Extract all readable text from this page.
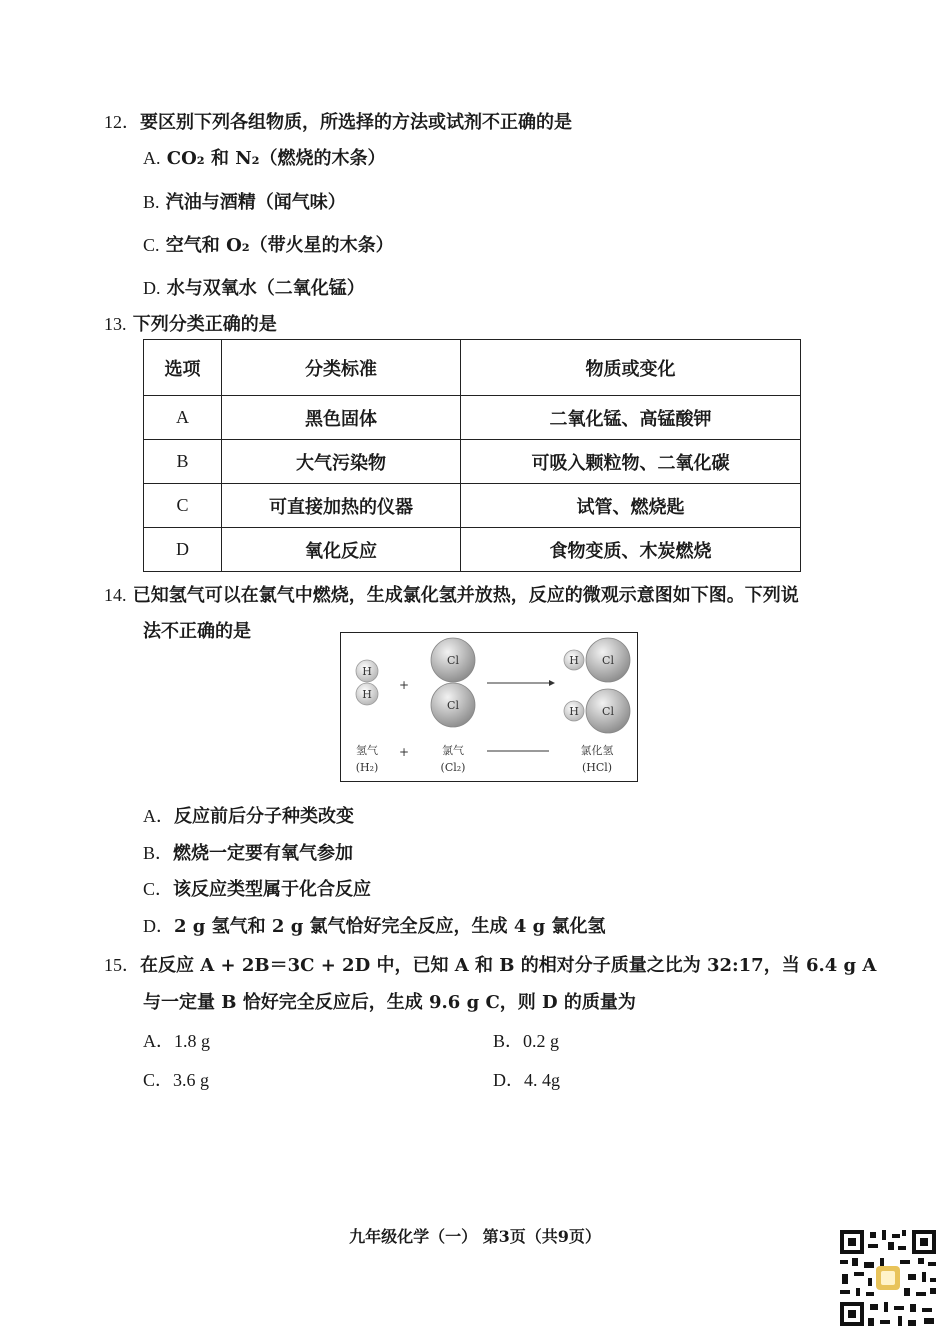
12．要区别下列各组物质，所选择的方法或试剂不正确的是
A. CO₂ 和 N₂（燃烧的木条）
B. 汽油与酒精（闻气味）
C. 空气和 O₂（带火星的木条）
D. 水与双氧水（二氧化锰）
13. 下列分类正确的是
选项	分类标准	物质或变化
A	黑色固体	二氧化锰、高锰酸钾
B	大气污染物	可吸入颗粒物、二氧化碳
C	可直接加热的仪器	试管、燃烧匙
D	氧化反应	食物变质、木炭燃烧
14. 已知氢气可以在氯气中燃烧，生成氯化氢并放热，反应的微观示意图如下图。下列说
法不正确的是
H
H
+
Cl
Cl
H Cl
H Cl
氢气
(H₂)
+	氯气
(Cl₂)
氯化氢
(HCl)
A．反应前后分子种类改变
B．燃烧一定要有氧气参加
C．该反应类型属于化合反应
D．2 g 氢气和 2 g 氯气恰好完全反应，生成 4 g 氯化氢
15．在反应 A + 2B＝3C + 2D 中，已知 A 和 B 的相对分子质量之比为 32:17，当 6.4 g A
与一定量 B 恰好完全反应后，生成 9.6 g C，则 D 的质量为
A．1.8 g	B．0.2 g
C．3.6 g	D．4. 4g
九年级化学（一） 第3页（共9页）
